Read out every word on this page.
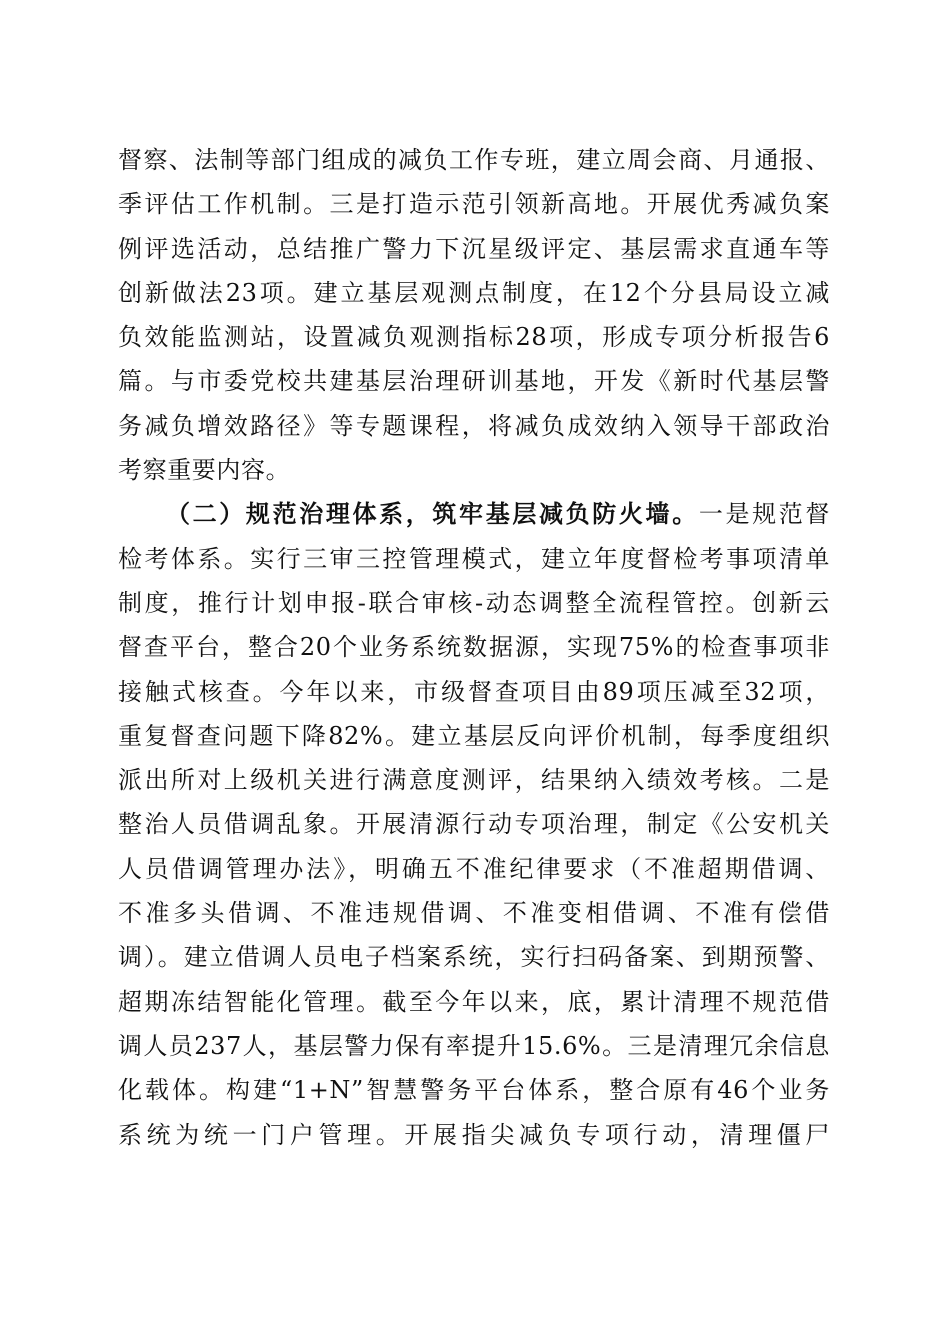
督察、法制等部门组成的减负工作专班，建立周会商、月通报、
季评估工作机制。三是打造示范引领新高地。开展优秀减负案
例评选活动，总结推广警力下沉星级评定、基层需求直通车等
创新做法23项。建立基层观测点制度，在12个分县局设立减
负效能监测站，设置减负观测指标28项，形成专项分析报告6
篇。与市委党校共建基层治理研训基地，开发《新时代基层警
务减负增效路径》等专题课程，将减负成效纳入领导干部政治
考察重要内容。
（二）规范治理体系，筑牢基层减负防火墙。一是规范督
检考体系。实行三审三控管理模式，建立年度督检考事项清单
制度，推行计划申报-联合审核-动态调整全流程管控。创新云
督查平台，整合20个业务系统数据源，实现75%的检查事项非
接触式核查。今年以来，市级督查项目由89项压减至32项，
重复督查问题下降82%。建立基层反向评价机制，每季度组织
派出所对上级机关进行满意度测评，结果纳入绩效考核。二是
整治人员借调乱象。开展清源行动专项治理，制定《公安机关
人员借调管理办法》，明确五不准纪律要求（不准超期借调、
不准多头借调、不准违规借调、不准变相借调、不准有偿借
调）。建立借调人员电子档案系统，实行扫码备案、到期预警、
超期冻结智能化管理。截至今年以来，底，累计清理不规范借
调人员237人，基层警力保有率提升15.6%。三是清理冗余信息
化载体。构建“1+N”智慧警务平台体系，整合原有46个业务
系统为统一门户管理。开展指尖减负专项行动，清理僵尸
